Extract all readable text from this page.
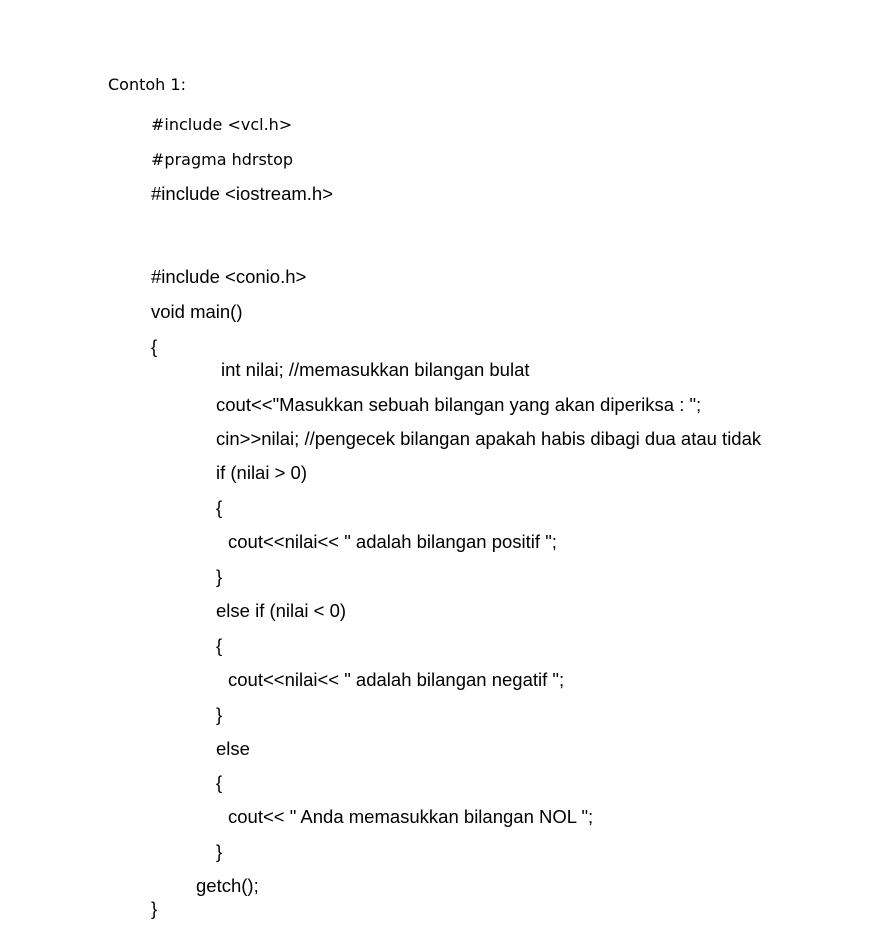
Contoh 1:
#include <vcl.h>
#pragma hdrstop
#include <iostream.h>
#include <conio.h>
void main()
{
int nilai; //memasukkan bilangan bulat
cout<<"Masukkan sebuah bilangan yang akan diperiksa : ";
cin>>nilai; //pengecek bilangan apakah habis dibagi dua atau tidak
if (nilai > 0)
{
cout<<nilai<< " adalah bilangan positif ";
}
else if (nilai < 0)
{
cout<<nilai<< " adalah bilangan negatif ";
}
else
{
cout<< " Anda memasukkan bilangan NOL ";
}
getch();
}
